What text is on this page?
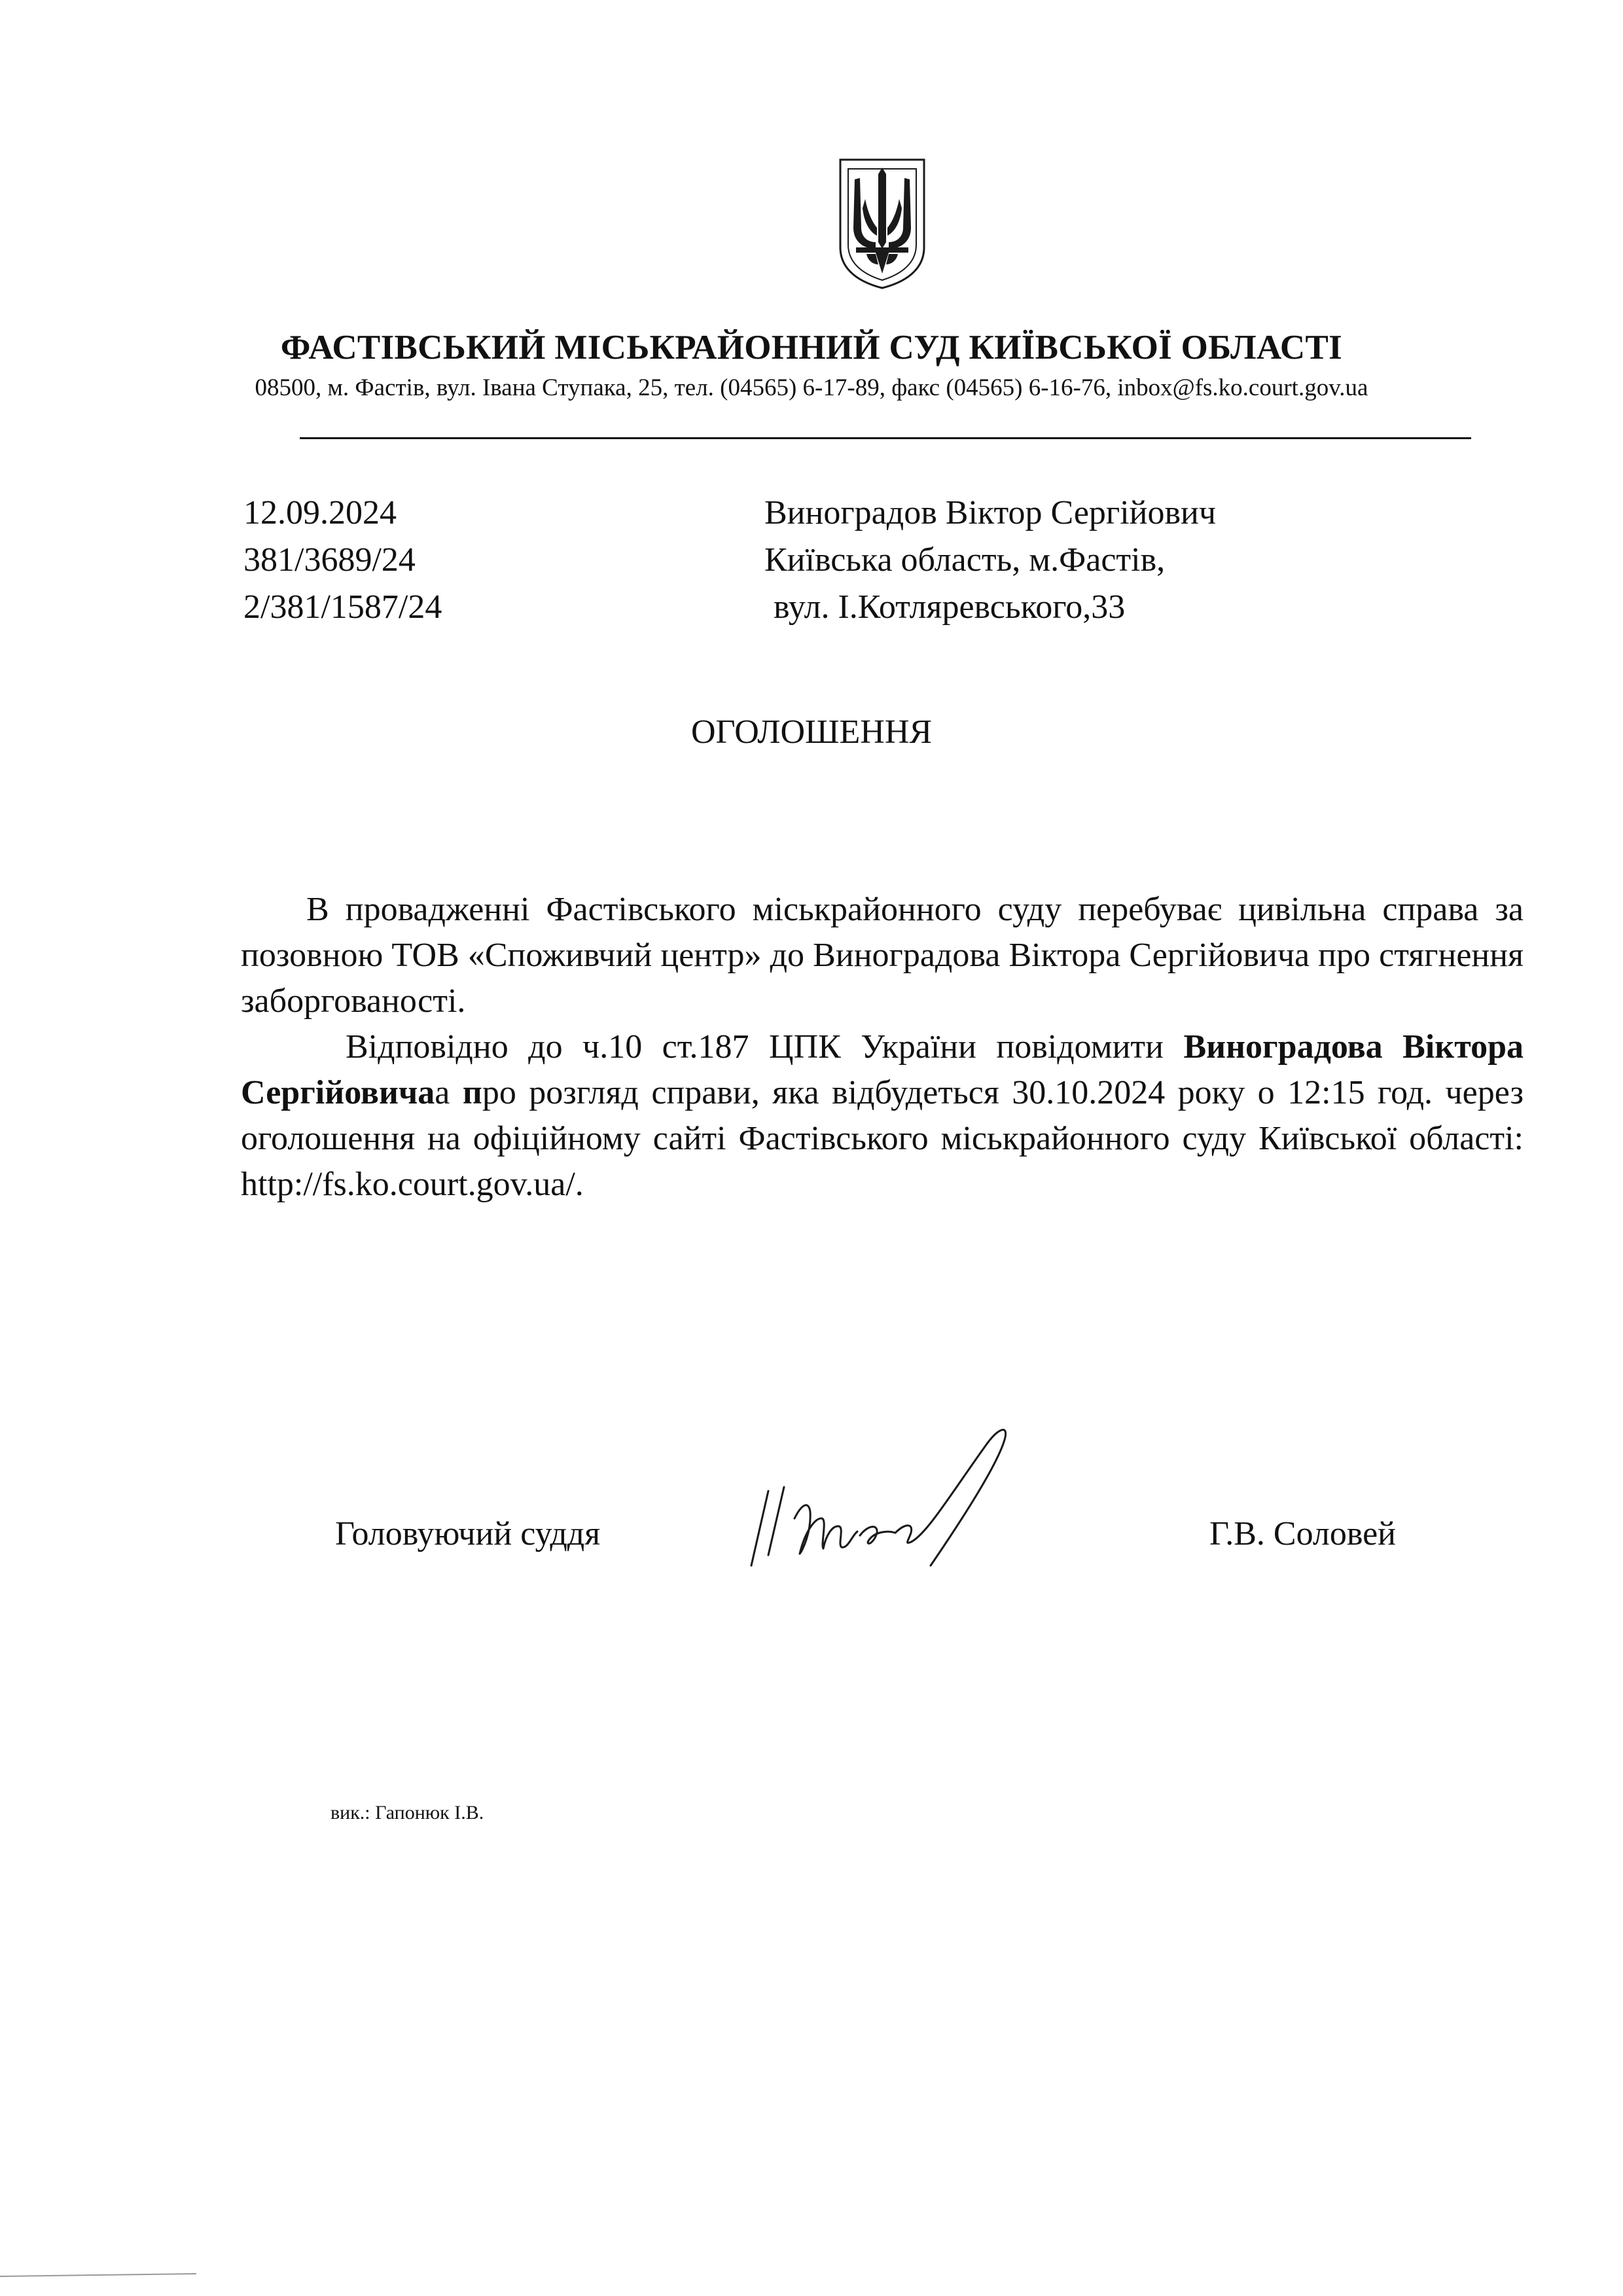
ФАСТІВСЬКИЙ МІСЬКРАЙОННИЙ СУД КИЇВСЬКОЇ ОБЛАСТІ
08500, м. Фастів, вул. Івана Ступака, 25, тел. (04565) 6-17-89, факс (04565) 6-16-76, inbox@fs.ko.court.gov.ua
12.09.2024
381/3689/24
2/381/1587/24
Виноградов Віктор Сергійович
Київська область, м.Фастів,
вул. І.Котляревського,33
ОГОЛОШЕННЯ

В провадженні Фастівського міськрайонного суду перебуває цивільна справа за позовною ТОВ «Споживчий центр» до Виноградова Віктора Сергійовича про стягнення заборгованості.

Відповідно до ч.10 ст.187 ЦПК України повідомити Виноградова Віктора Сергійовичаа про розгляд справи, яка відбудеться 30.10.2024 року о 12:15 год. через оголошення на офіційному сайті Фастівського міськрайонного суду Київської області: http://fs.ko.court.gov.ua/.

Головуючий суддя	Г.В. Соловей
вик.: Гапонюк І.В.
